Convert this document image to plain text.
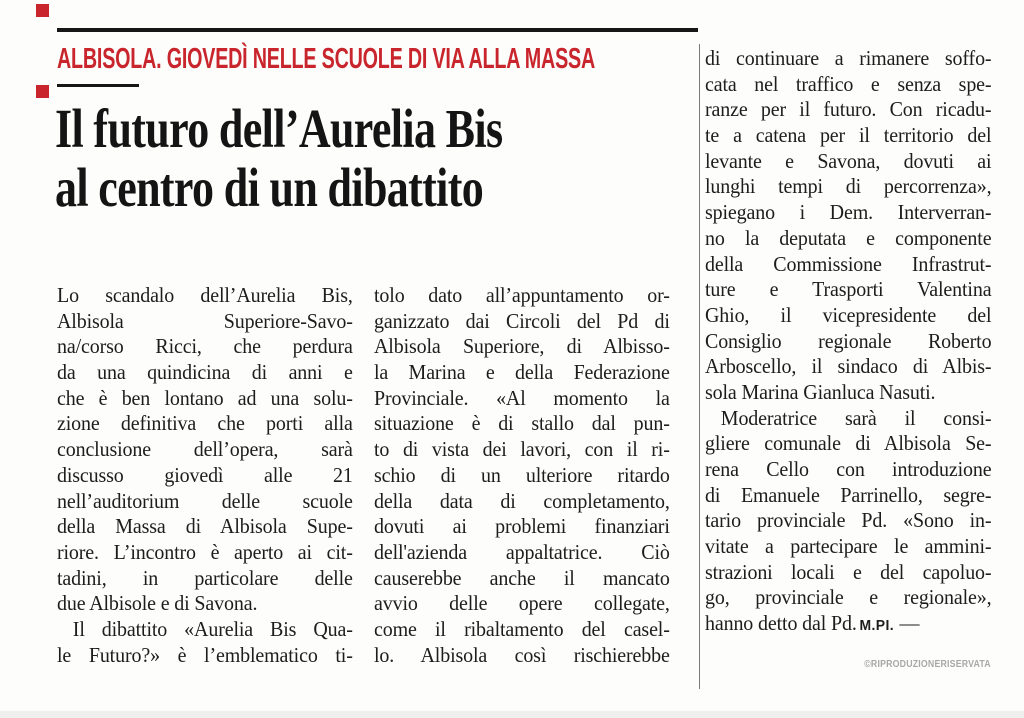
ALBISOLA. GIOVEDÌ NELLE SCUOLE DI VIA ALLA MASSA
Il futuro dell’Aurelia Bis
al centro di un dibattito
Lo scandalo dell’Aurelia Bis,
Albisola Superiore-Savo-
na/corso Ricci, che perdura
da una quindicina di anni e
che è ben lontano ad una solu-
zione definitiva che porti alla
conclusione dell’opera, sarà
discusso giovedì alle 21
nell’auditorium delle scuole
della Massa di Albisola Supe-
riore. L’incontro è aperto ai cit-
tadini, in particolare delle
due Albisole e di Savona.
Il dibattito «Aurelia Bis Qua-
le Futuro?» è l’emblematico ti-
tolo dato all’appuntamento or-
ganizzato dai Circoli del Pd di
Albisola Superiore, di Albisso-
la Marina e della Federazione
Provinciale. «Al momento la
situazione è di stallo dal pun-
to di vista dei lavori, con il ri-
schio di un ulteriore ritardo
della data di completamento,
dovuti ai problemi finanziari
dell'azienda appaltatrice. Ciò
causerebbe anche il mancato
avvio delle opere collegate,
come il ribaltamento del casel-
lo. Albisola così rischierebbe
di continuare a rimanere soffo-
cata nel traffico e senza spe-
ranze per il futuro. Con ricadu-
te a catena per il territorio del
levante e Savona, dovuti ai
lunghi tempi di percorrenza»,
spiegano i Dem. Interverran-
no la deputata e componente
della Commissione Infrastrut-
ture e Trasporti Valentina
Ghio, il vicepresidente del
Consiglio regionale Roberto
Arboscello, il sindaco di Albis-
sola Marina Gianluca Nasuti.
Moderatrice sarà il consi-
gliere comunale di Albisola Se-
rena Cello con introduzione
di Emanuele Parrinello, segre-
tario provinciale Pd. «Sono in-
vitate a partecipare le ammini-
strazioni locali e del capoluo-
go, provinciale e regionale»,
hanno detto dal Pd. M.PI. —
©RIPRODUZIONERISERVATA
